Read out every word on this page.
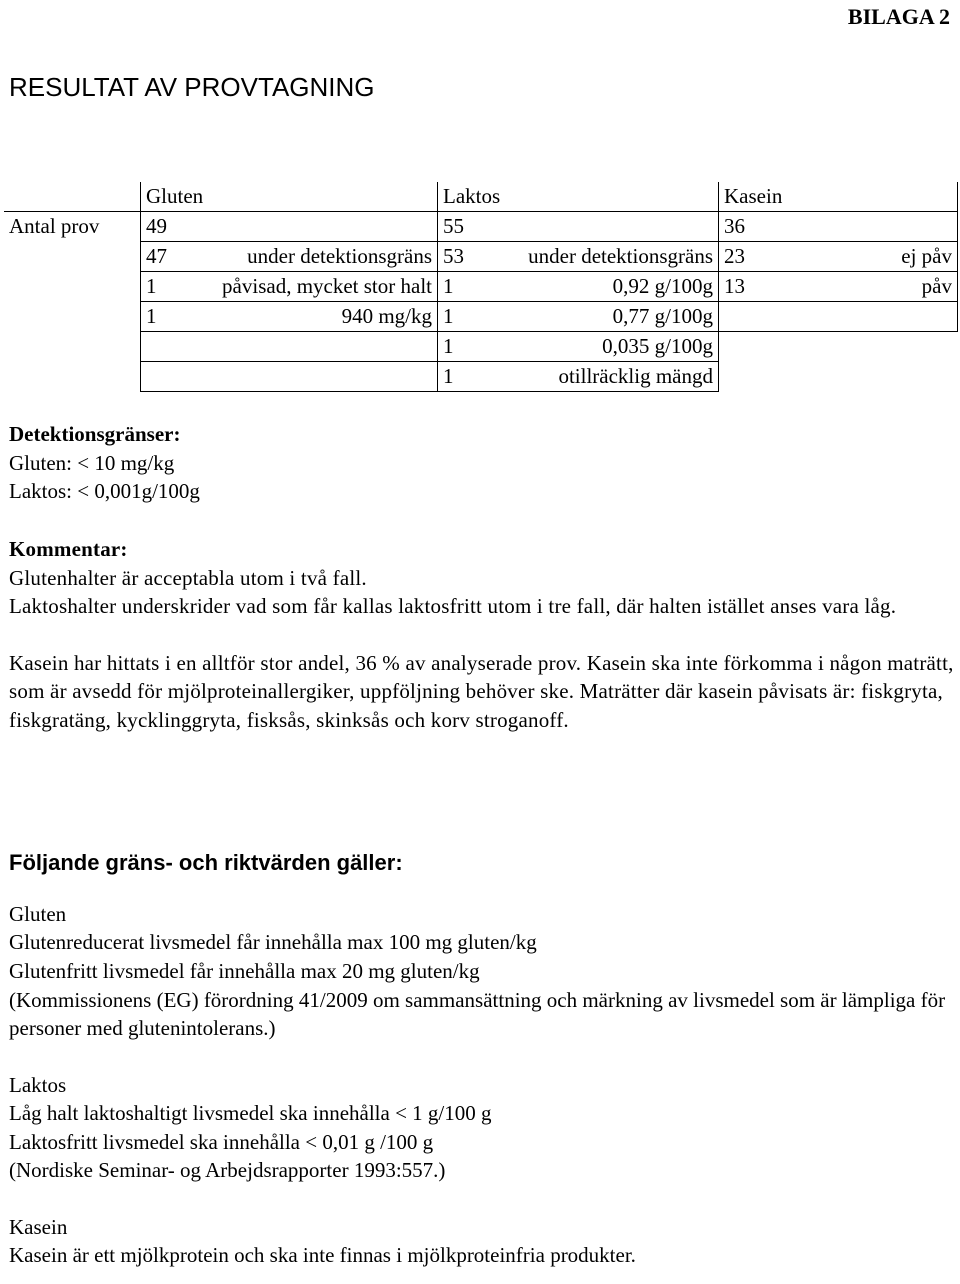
BILAGA 2
RESULTAT AV PROVTAGNING
	Gluten	Laktos	Kasein
Antal prov	49	55	36

	47 under detektionsgräns	53 under detektionsgräns	23 ej påv

	1 påvisad, mycket stor halt	1 0,92 g/100g	13 påv

	1 940 mg/kg	1 0,77 g/100g	

		1 0,035 g/100g	

		1 otillräcklig mängd	

Detektionsgränser:

Gluten: < 10 mg/kg

Laktos: < 0,001g/100g

Kommentar:

Glutenhalter är acceptabla utom i två fall.

Laktoshalter underskrider vad som får kallas laktosfritt utom i tre fall, där halten istället anses vara låg.

Kasein har hittats i en alltför stor andel, 36 % av analyserade prov. Kasein ska inte förkomma i någon maträtt, som är avsedd för mjölproteinallergiker, uppföljning behöver ske. Maträtter där kasein påvisats är: fiskgryta, fiskgratäng, kycklinggryta, fisksås, skinksås och korv stroganoff.

Följande gräns- och riktvärden gäller:

Gluten

Glutenreducerat livsmedel får innehålla max 100 mg gluten/kg

Glutenfritt livsmedel får innehålla max 20 mg gluten/kg

(Kommissionens (EG) förordning 41/2009 om sammansättning och märkning av livsmedel som är lämpliga för personer med glutenintolerans.)

Laktos

Låg halt laktoshaltigt livsmedel ska innehålla < 1 g/100 g

Laktosfritt livsmedel ska innehålla < 0,01 g /100 g

(Nordiske Seminar- og Arbejdsrapporter 1993:557.)

Kasein

Kasein är ett mjölkprotein och ska inte finnas i mjölkproteinfria produkter.
